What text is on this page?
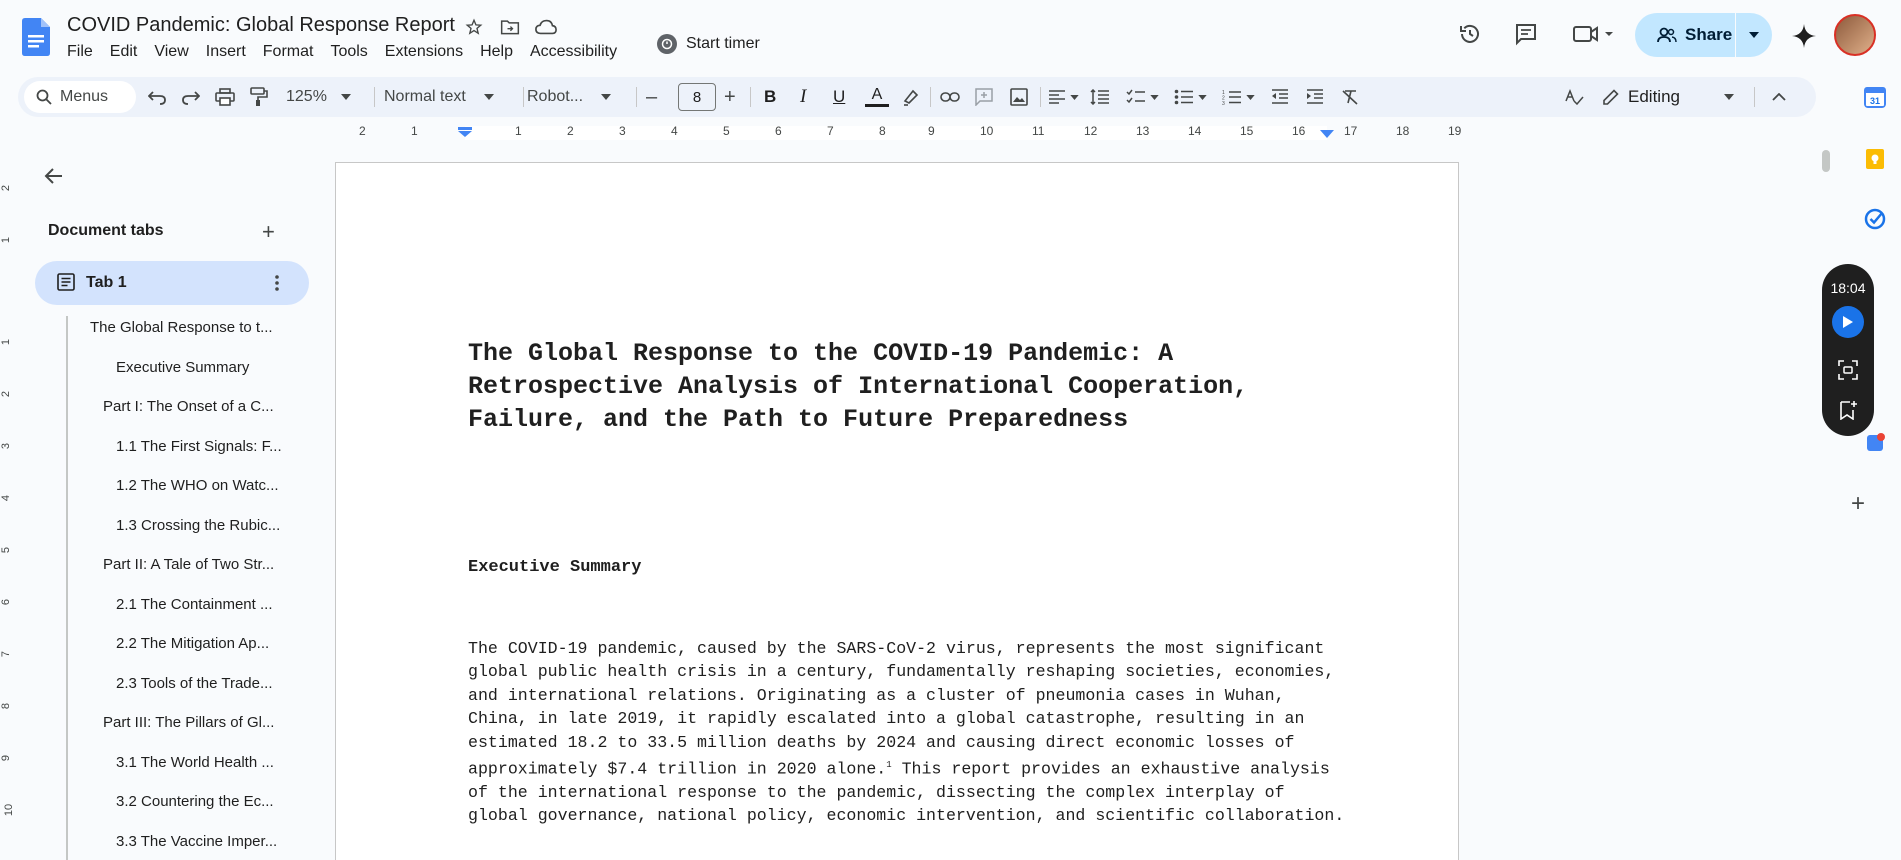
COVID Pandemic: Global Response Report
File	Edit	View	Insert	Format	Tools	Extensions	Help	Accessibility	Start timer	Share
Menus	125%	Normal text	Robot...	–	8	+ B I U A	1
2
3	Editing
2	1	1	2	3	4	5	6	7	8	9	10	11	12	13	14	15	16	17	18	19
2
1
1
2
3
4
5
6
7
8
9
10
Document tabs	+
Tab 1
The Global Response to t...
Executive Summary
Part I: The Onset of a C...
1.1 The First Signals: F...
1.2 The WHO on Watc...
1.3 Crossing the Rubic...
Part II: A Tale of Two Str...
2.1 The Containment ...
2.2 The Mitigation Ap...
2.3 Tools of the Trade...
Part III: The Pillars of Gl...
3.1 The World Health ...
3.2 Countering the Ec...
3.3 The Vaccine Imper...
The Global Response to the COVID-19 Pandemic: A Retrospective Analysis of International Cooperation, Failure, and the Path to Future Preparedness
Executive Summary
The COVID-19 pandemic, caused by the SARS-CoV-2 virus, represents the most significant global public health crisis in a century, fundamentally reshaping societies, economies, and international relations. Originating as a cluster of pneumonia cases in Wuhan, China, in late 2019, it rapidly escalated into a global catastrophe, resulting in an estimated 18.2 to 33.5 million deaths by 2024 and causing direct economic losses of approximately $7.4 trillion in 2020 alone.$^1$ This report provides an exhaustive analysis of the international response to the pandemic, dissecting the complex interplay of global governance, national policy, economic intervention, and scientific collaboration.
31
18:04
+
